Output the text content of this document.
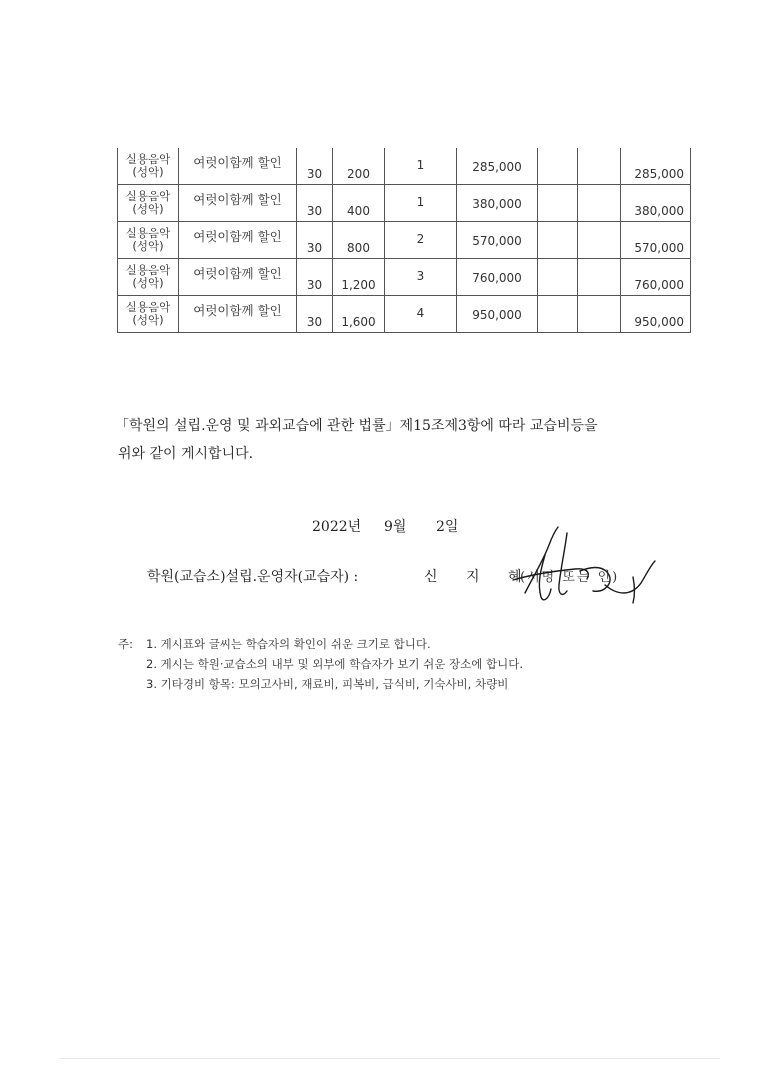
실용음악
(성악)	여럿이함께 할인	30	200	1	285,000			285,000

실용음악
(성악)	여럿이함께 할인	30	400	1	380,000			380,000

실용음악
(성악)	여럿이함께 할인	30	800	2	570,000			570,000

실용음악
(성악)	여럿이함께 할인	30	1,200	3	760,000			760,000

실용음악
(성악)	여럿이함께 할인	30	1,600	4	950,000			950,000

「학원의 설립.운영 및 과외교습에 관한 법률」제15조제3항에 따라 교습비등을

위와 같이 게시합니다.

2022년 9월 2일
학원(교습소)설립.운영자(교습자) :	신 지 혜
(서명 또는 인)
주: 1. 게시표와 글씨는 학습자의 확인이 쉬운 크기로 합니다.
2. 게시는 학원·교습소의 내부 및 외부에 학습자가 보기 쉬운 장소에 합니다.
3. 기타경비 항목: 모의고사비, 재료비, 피복비, 급식비, 기숙사비, 차량비
